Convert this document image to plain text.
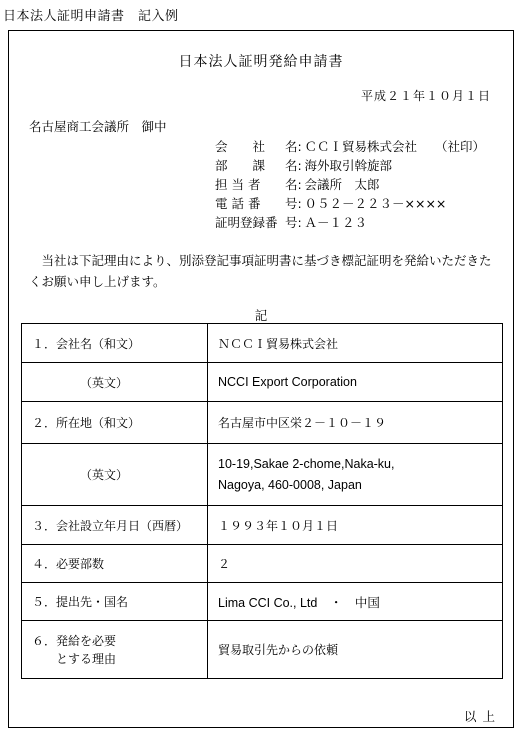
日本法人証明申請書　記入例
日本法人証明発給申請書
平成２１年１０月１日
名古屋商工会議所　御中
会　　社 名: ＣＣＩ貿易株式会社 （社印）
部　　課 名: 海外取引斡旋部
担 当 者 名: 会議所　太郎
電 話 番 号: ０５２－２２３－××××
証明登録番 号: Ａ－１２３
当社は下記理由により、別添登記事項証明書に基づき標記証明を発給いただきたくお願い申し上げます。
記
１．会社名（和文）	ＮＣＣＩ貿易株式会社

（英文）	NCCI Export Corporation
２．所在地（和文）	名古屋市中区栄２－１０－１９

（英文）	10-19,Sakae 2-chome,Naka-ku,
Nagoya, 460-0008, Japan

３．会社設立年月日（西暦）	１９９３年１０月１日
４．必要部数	２
５．提出先・国名	Lima CCI Co., Ltd　・　中国

６．発給を必要
とする理由	貿易取引先からの依頼
以上
